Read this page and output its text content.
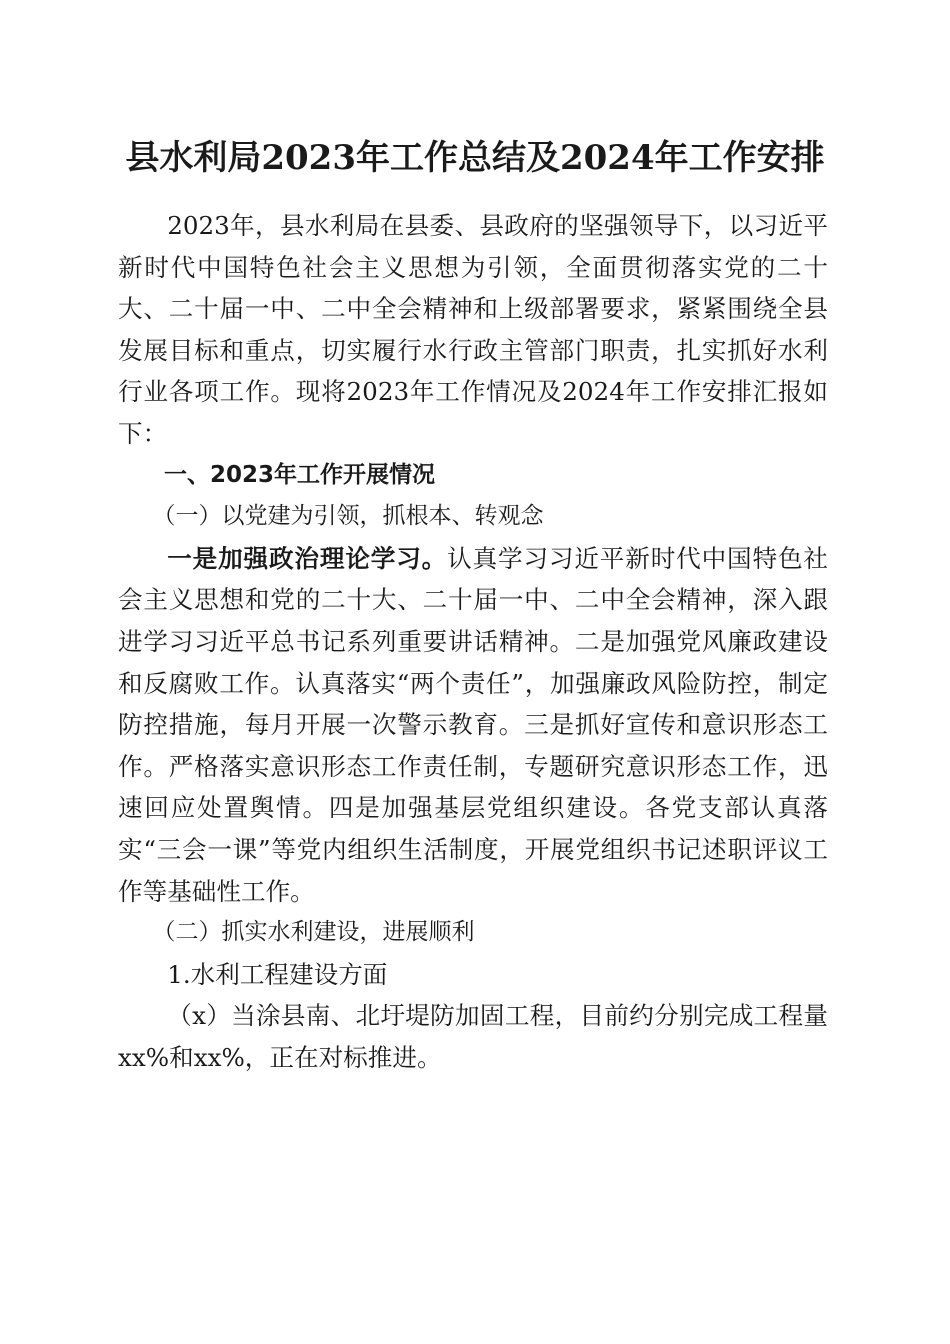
县水利局2023年工作总结及2024年工作安排

2023年，县水利局在县委、县政府的坚强领导下，以习近平新时代中国特色社会主义思想为引领，全面贯彻落实党的二十大、二十届一中、二中全会精神和上级部署要求，紧紧围绕全县发展目标和重点，切实履行水行政主管部门职责，扎实抓好水利行业各项工作。现将2023年工作情况及2024年工作安排汇报如下：

一、2023年工作开展情况

（一）以党建为引领，抓根本、转观念

一是加强政治理论学习。认真学习习近平新时代中国特色社会主义思想和党的二十大、二十届一中、二中全会精神，深入跟进学习习近平总书记系列重要讲话精神。二是加强党风廉政建设和反腐败工作。认真落实“两个责任”，加强廉政风险防控，制定防控措施，每月开展一次警示教育。三是抓好宣传和意识形态工作。严格落实意识形态工作责任制，专题研究意识形态工作，迅速回应处置舆情。四是加强基层党组织建设。各党支部认真落实“三会一课”等党内组织生活制度，开展党组织书记述职评议工作等基础性工作。

（二）抓实水利建设，进展顺利

1.水利工程建设方面

（x）当涂县南、北圩堤防加固工程，目前约分别完成工程量xx%和xx%，正在对标推进。
